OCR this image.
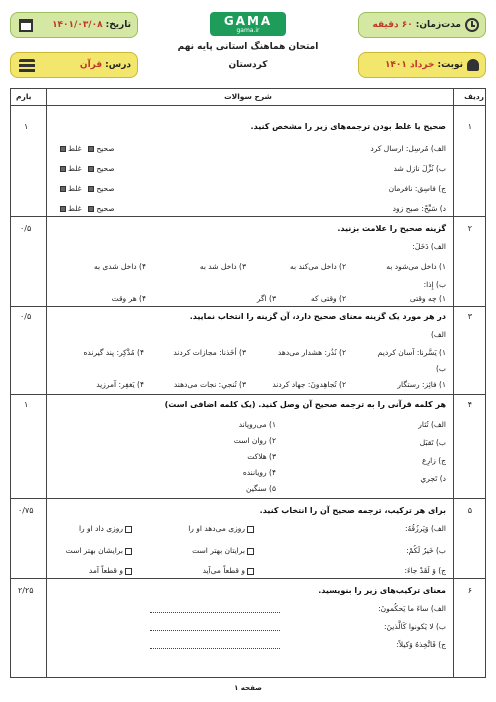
مدت‌زمان:
۶۰ دقیقه
تاریخ:
۱۴۰۱/۰۳/۰۸
نوبت:
خرداد ۱۴۰۱
درس:
قرآن
GAMA
gama.ir
امتحان هماهنگ استانی پایه نهم
کردستان
ردیف
شرح سوالات
بارم
۱
۱	صحیح یا غلط بودن ترجمه‌های زیر را مشخص کنید.
الف) مُرسِل: ارسال کرد
صحیح  غلط
ب) نُزِّلَ نازل شد
صحیح  غلط
ج) فاسِق: نافرمان
صحیح  غلط
د) سَبِّحْ: صبح زود
صحیح  غلط
۲
۰/۵	گزینه صحیح را علامت بزنید.
الف) دَخَلَ:
۱) داخل می‌شود به
۲) داخل می‌کند به
۳) داخل شد به
۴) داخل شدی به
ب) إِذا:
۱) چه وقتی
۲) وقتی که
۳) اگر
۴) هر وقت
۳
۰/۵	در هر مورد یک گزینه معنای صحیح دارد، آن گزینه را انتخاب نمایید.
الف)
۱) یَسَّرنا: آسان کردیم
۲) نُذُر: هشدار می‌دهد
۳) أخَذنا: مجازات کردند
۴) مُدَّکِر: پند گیرنده
ب)
۱) فائِز: رستگار
۲) تُجاهِدونَ: جهاد کردند
۳) تُنجي: نجات می‌دهند
۴) یَغفِر: آمرزید
۴
۱	هر کلمه قرآنی را به ترجمه صحیح آن وصل کنید. (یک کلمه اضافی است)
الف) تُثار
ب) تَقبَل
ج) زارِع
د) تَجري
۱) می‌رویاند
۲) روان است
۳) هلاکت
۴) رویاننده
۵) سنگین
۵
۰/۷۵	برای هر ترکیب، ترجمه صحیح آن را انتخاب کنید.
الف) وَیَرزُقُهُ:
روزی می‌دهد او را
روزی داد او را
ب) خَیرٌ لَکُمْ:
برایتان بهتر است
برایشان بهتر است
ج) وَ لَقَدْ جاءَ:
و قطعاً می‌آید
و قطعاً آمد
۶
۲/۲۵	معنای ترکیب‌های زیر را بنویسید.
الف) ساءَ ما یَحکُمونَ:
ب) لا یَکونوا کَالَّذینَ:
ج) فَاتَّخِذهُ وَکیلاً:
صفحه ۱
